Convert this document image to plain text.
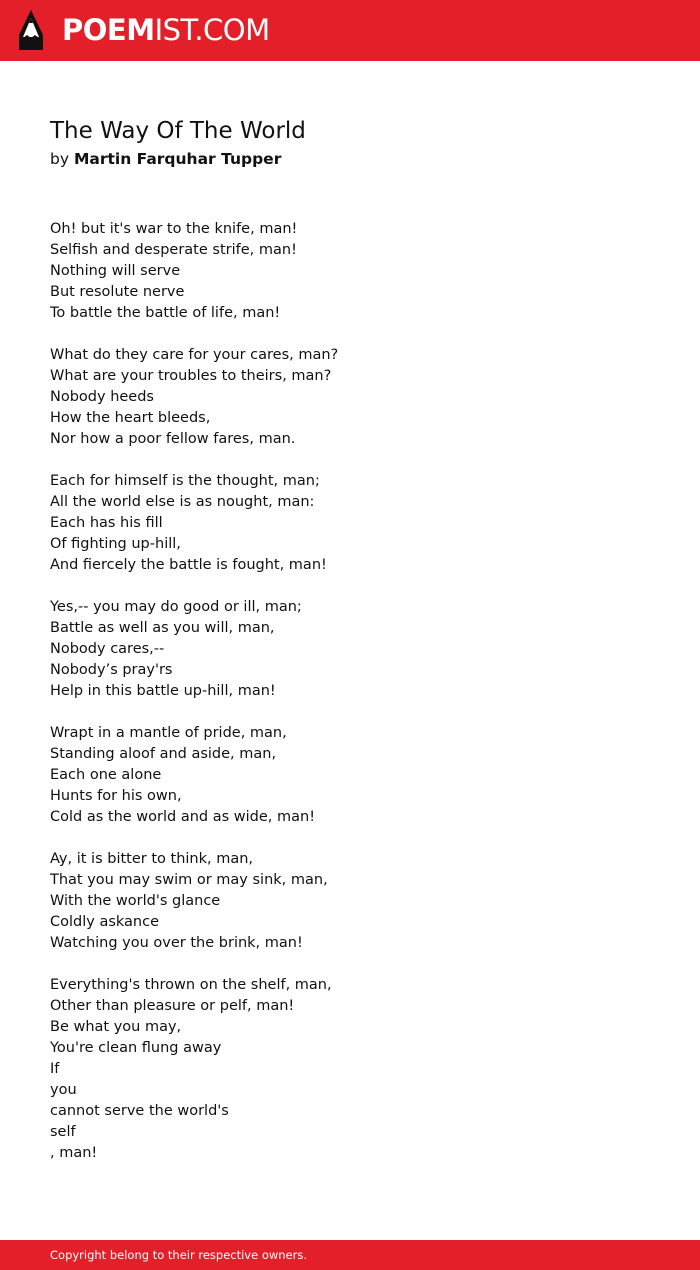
POEMIST.COM
The Way Of The World
by Martin Farquhar Tupper
Oh! but it's war to the knife, man!
Selfish and desperate strife, man!
Nothing will serve
But resolute nerve
To battle the battle of life, man!
What do they care for your cares, man?
What are your troubles to theirs, man?
Nobody heeds
How the heart bleeds,
Nor how a poor fellow fares, man.
Each for himself is the thought, man;
All the world else is as nought, man:
Each has his fill
Of fighting up-hill,
And fiercely the battle is fought, man!
Yes,-- you may do good or ill, man;
Battle as well as you will, man,
Nobody cares,--
Nobody’s pray'rs
Help in this battle up-hill, man!
Wrapt in a mantle of pride, man,
Standing aloof and aside, man,
Each one alone
Hunts for his own,
Cold as the world and as wide, man!
Ay, it is bitter to think, man,
That you may swim or may sink, man,
With the world's glance
Coldly askance
Watching you over the brink, man!
Everything's thrown on the shelf, man,
Other than pleasure or pelf, man!
Be what you may,
You're clean flung away
If
you
cannot serve the world's
self
, man!
Copyright belong to their respective owners.
